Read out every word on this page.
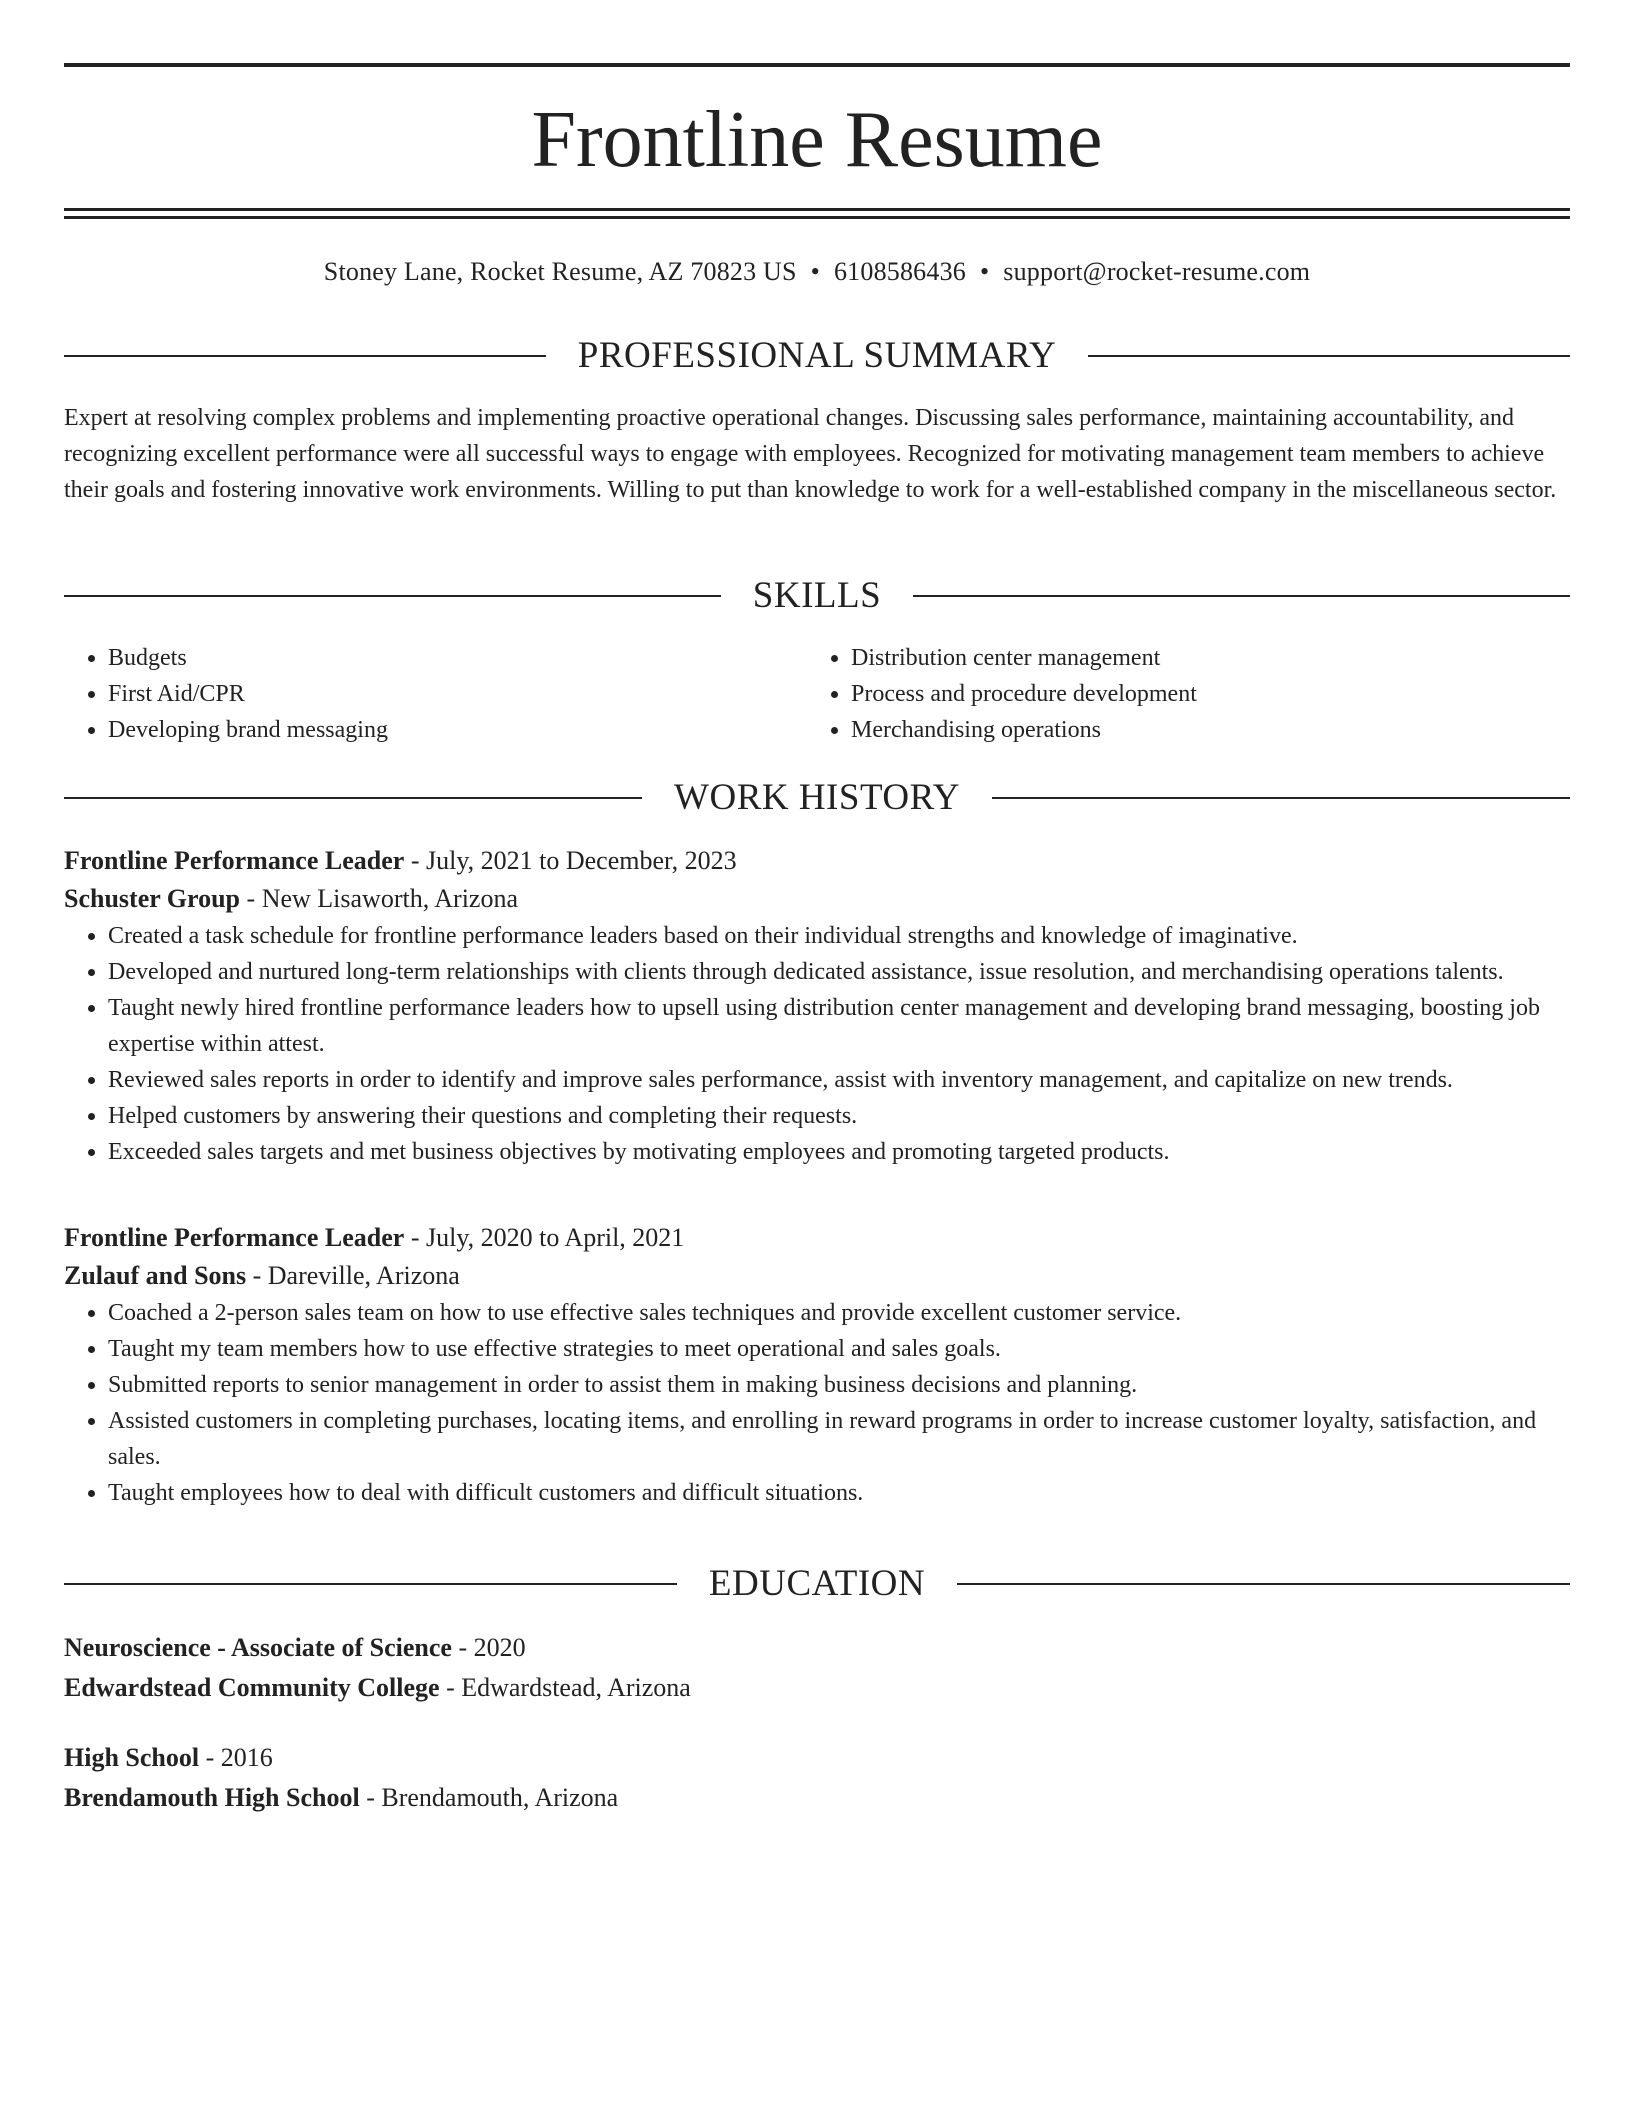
Frontline Resume
Stoney Lane, Rocket Resume, AZ 70823 US • 6108586436 • support@rocket-resume.com
PROFESSIONAL SUMMARY
Expert at resolving complex problems and implementing proactive operational changes. Discussing sales performance, maintaining accountability, and recognizing excellent performance were all successful ways to engage with employees. Recognized for motivating management team members to achieve their goals and fostering innovative work environments. Willing to put than knowledge to work for a well-established company in the miscellaneous sector.
SKILLS
• Budgets
• First Aid/CPR
• Developing brand messaging
• Distribution center management
• Process and procedure development
• Merchandising operations
WORK HISTORY
Frontline Performance Leader - July, 2021 to December, 2023
Schuster Group - New Lisaworth, Arizona
• Created a task schedule for frontline performance leaders based on their individual strengths and knowledge of imaginative.
• Developed and nurtured long-term relationships with clients through dedicated assistance, issue resolution, and merchandising operations talents.
• Taught newly hired frontline performance leaders how to upsell using distribution center management and developing brand messaging, boosting job expertise within attest.
• Reviewed sales reports in order to identify and improve sales performance, assist with inventory management, and capitalize on new trends.
• Helped customers by answering their questions and completing their requests.
• Exceeded sales targets and met business objectives by motivating employees and promoting targeted products.
Frontline Performance Leader - July, 2020 to April, 2021
Zulauf and Sons - Dareville, Arizona
• Coached a 2-person sales team on how to use effective sales techniques and provide excellent customer service.
• Taught my team members how to use effective strategies to meet operational and sales goals.
• Submitted reports to senior management in order to assist them in making business decisions and planning.
• Assisted customers in completing purchases, locating items, and enrolling in reward programs in order to increase customer loyalty, satisfaction, and sales.
• Taught employees how to deal with difficult customers and difficult situations.
EDUCATION
Neuroscience - Associate of Science - 2020
Edwardstead Community College - Edwardstead, Arizona
High School - 2016
Brendamouth High School - Brendamouth, Arizona
